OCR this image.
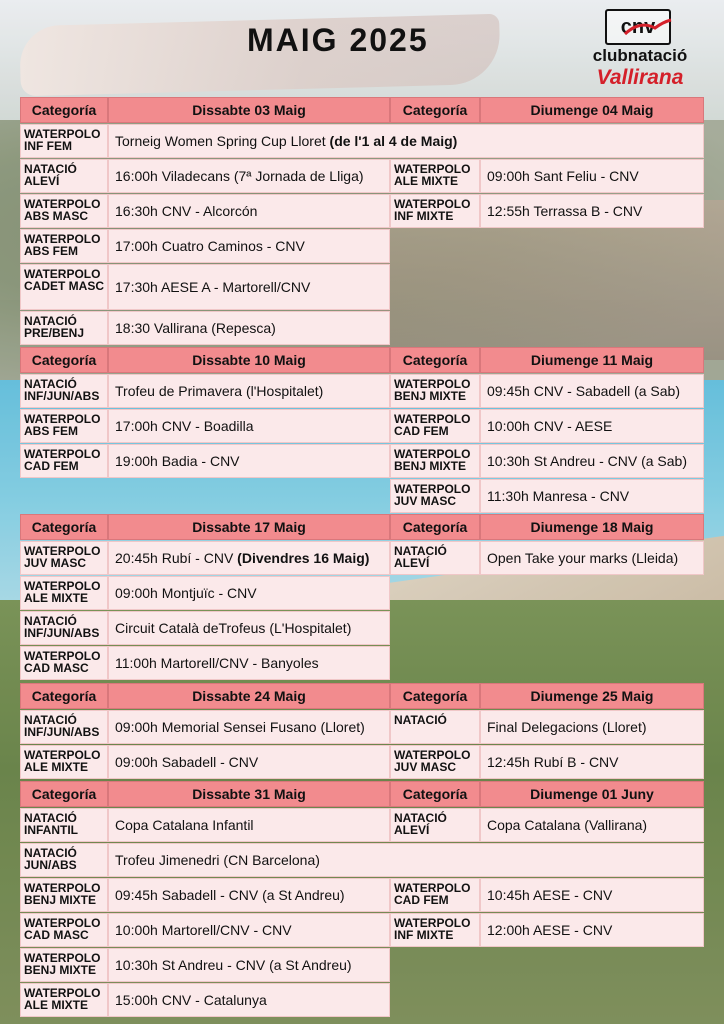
MAIG 2025	cnv
clubnatació
Vallirana
Categoría	Dissabte 03 Maig	Categoría	Diumenge 04 Maig
WATERPOLO INF FEM	Torneig Women Spring Cup Lloret (de l'1 al 4 de Maig)
NATACIÓ ALEVÍ	16:00h Viladecans (7ª Jornada de Lliga)	WATERPOLO ALE MIXTE	09:00h Sant Feliu - CNV
WATERPOLO ABS MASC	16:30h CNV - Alcorcón	WATERPOLO INF MIXTE	12:55h Terrassa B - CNV
WATERPOLO ABS FEM	17:00h Cuatro Caminos - CNV
WATERPOLO CADET MASC 17:30h AESE A - Martorell/CNV
NATACIÓ PRE/BENJ	18:30 Vallirana (Repesca)
Categoría	Dissabte 10 Maig	Categoría	Diumenge 11 Maig
NATACIÓ INF/JUN/ABS	Trofeu de Primavera (l'Hospitalet)	WATERPOLO BENJ MIXTE	09:45h CNV - Sabadell (a Sab)
WATERPOLO ABS FEM	17:00h CNV - Boadilla	WATERPOLO CAD FEM	10:00h CNV - AESE
WATERPOLO CAD FEM	19:00h Badia - CNV	WATERPOLO BENJ MIXTE	10:30h St Andreu - CNV (a Sab)
WATERPOLO JUV MASC	11:30h Manresa - CNV
Categoría	Dissabte 17 Maig	Categoría	Diumenge 18 Maig
WATERPOLO JUV MASC	20:45h Rubí - CNV (Divendres 16 Maig)	NATACIÓ ALEVÍ	Open Take your marks (Lleida)
WATERPOLO ALE MIXTE	09:00h Montjuïc - CNV
NATACIÓ INF/JUN/ABS	Circuit Català deTrofeus (L'Hospitalet)
WATERPOLO CAD MASC	11:00h Martorell/CNV - Banyoles
Categoría	Dissabte 24 Maig	Categoría	Diumenge 25 Maig
NATACIÓ INF/JUN/ABS	09:00h Memorial Sensei Fusano (Lloret)	NATACIÓ	Final Delegacions (Lloret)
WATERPOLO ALE MIXTE	09:00h Sabadell - CNV	WATERPOLO JUV MASC	12:45h Rubí B - CNV
Categoría	Dissabte 31 Maig	Categoría	Diumenge 01 Juny
NATACIÓ INFANTIL	Copa Catalana Infantil	NATACIÓ ALEVÍ	Copa Catalana (Vallirana)
NATACIÓ JUN/ABS	Trofeu Jimenedri (CN Barcelona)
WATERPOLO BENJ MIXTE	09:45h Sabadell - CNV (a St Andreu)	WATERPOLO CAD FEM	10:45h AESE - CNV
WATERPOLO CAD MASC	10:00h Martorell/CNV - CNV	WATERPOLO INF MIXTE	12:00h AESE - CNV
WATERPOLO BENJ MIXTE	10:30h St Andreu - CNV (a St Andreu)
WATERPOLO ALE MIXTE	15:00h CNV - Catalunya
